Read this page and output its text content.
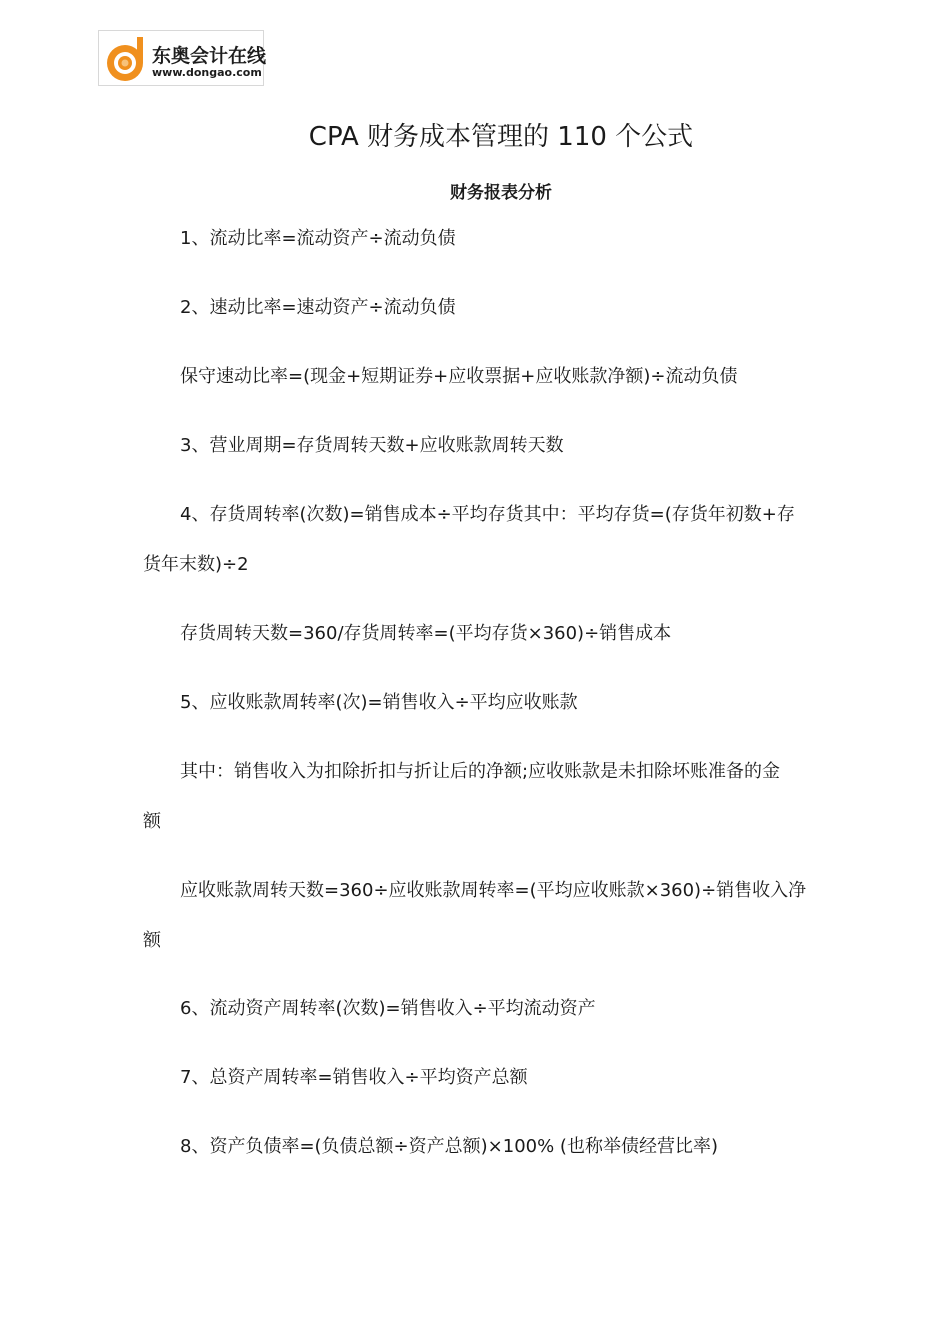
东奥会计在线
www.dongao.com
CPA 财务成本管理的 110 个公式
财务报表分析
1、流动比率=流动资产÷流动负债
2、速动比率=速动资产÷流动负债
保守速动比率=(现金+短期证券+应收票据+应收账款净额)÷流动负债
3、营业周期=存货周转天数+应收账款周转天数
4、存货周转率(次数)=销售成本÷平均存货其中：平均存货=(存货年初数+存
货年末数)÷2
存货周转天数=360/存货周转率=(平均存货×360)÷销售成本
5、应收账款周转率(次)=销售收入÷平均应收账款
其中：销售收入为扣除折扣与折让后的净额;应收账款是未扣除坏账准备的金
额
应收账款周转天数=360÷应收账款周转率=(平均应收账款×360)÷销售收入净
额
6、流动资产周转率(次数)=销售收入÷平均流动资产
7、总资产周转率=销售收入÷平均资产总额
8、资产负债率=(负债总额÷资产总额)×100% (也称举债经营比率)
